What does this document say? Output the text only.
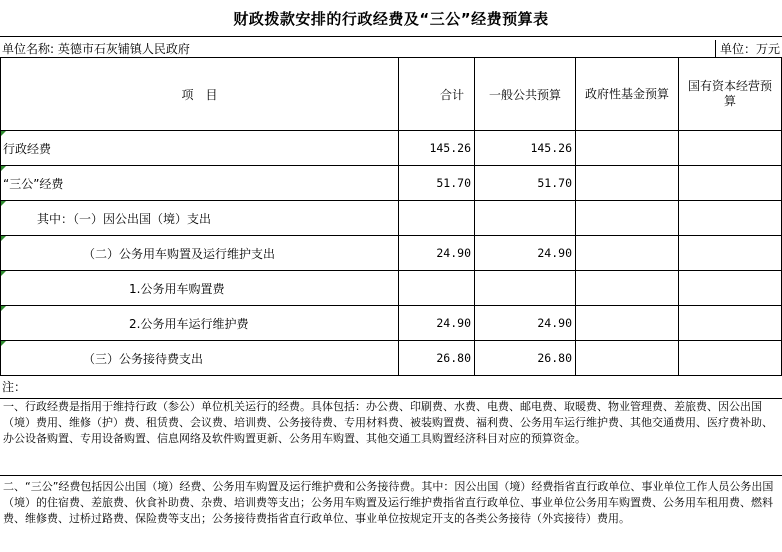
财政拨款安排的行政经费及“三公”经费预算表
单位名称: 英德市石灰铺镇人民政府	单位：万元
项　目	合计	一般公共预算	政府性基金预算	国有资本经营预算

行政经费	145.26	145.26		

“三公”经费	51.70	51.70		

其中：（一）因公出国（境）支出				

（二）公务用车购置及运行维护支出	24.90	24.90		

1.公务用车购置费				

2.公务用车运行维护费	24.90	24.90		

（三）公务接待费支出	26.80	26.80		
注：
一、行政经费是指用于维持行政（参公）单位机关运行的经费。具体包括：办公费、印刷费、水费、电费、邮电费、取暖费、物业管理费、差旅费、因公出国（境）费用、维修（护）费、租赁费、会议费、培训费、公务接待费、专用材料费、被装购置费、福利费、公务用车运行维护费、其他交通费用、医疗费补助、办公设备购置、专用设备购置、信息网络及软件购置更新、公务用车购置、其他交通工具购置经济科目对应的预算资金。
二、“三公”经费包括因公出国（境）经费、公务用车购置及运行维护费和公务接待费。其中：因公出国（境）经费指省直行政单位、事业单位工作人员公务出国（境）的住宿费、差旅费、伙食补助费、杂费、培训费等支出；公务用车购置及运行维护费指省直行政单位、事业单位公务用车购置费、公务用车租用费、燃料费、维修费、过桥过路费、保险费等支出；公务接待费指省直行政单位、事业单位按规定开支的各类公务接待（外宾接待）费用。
